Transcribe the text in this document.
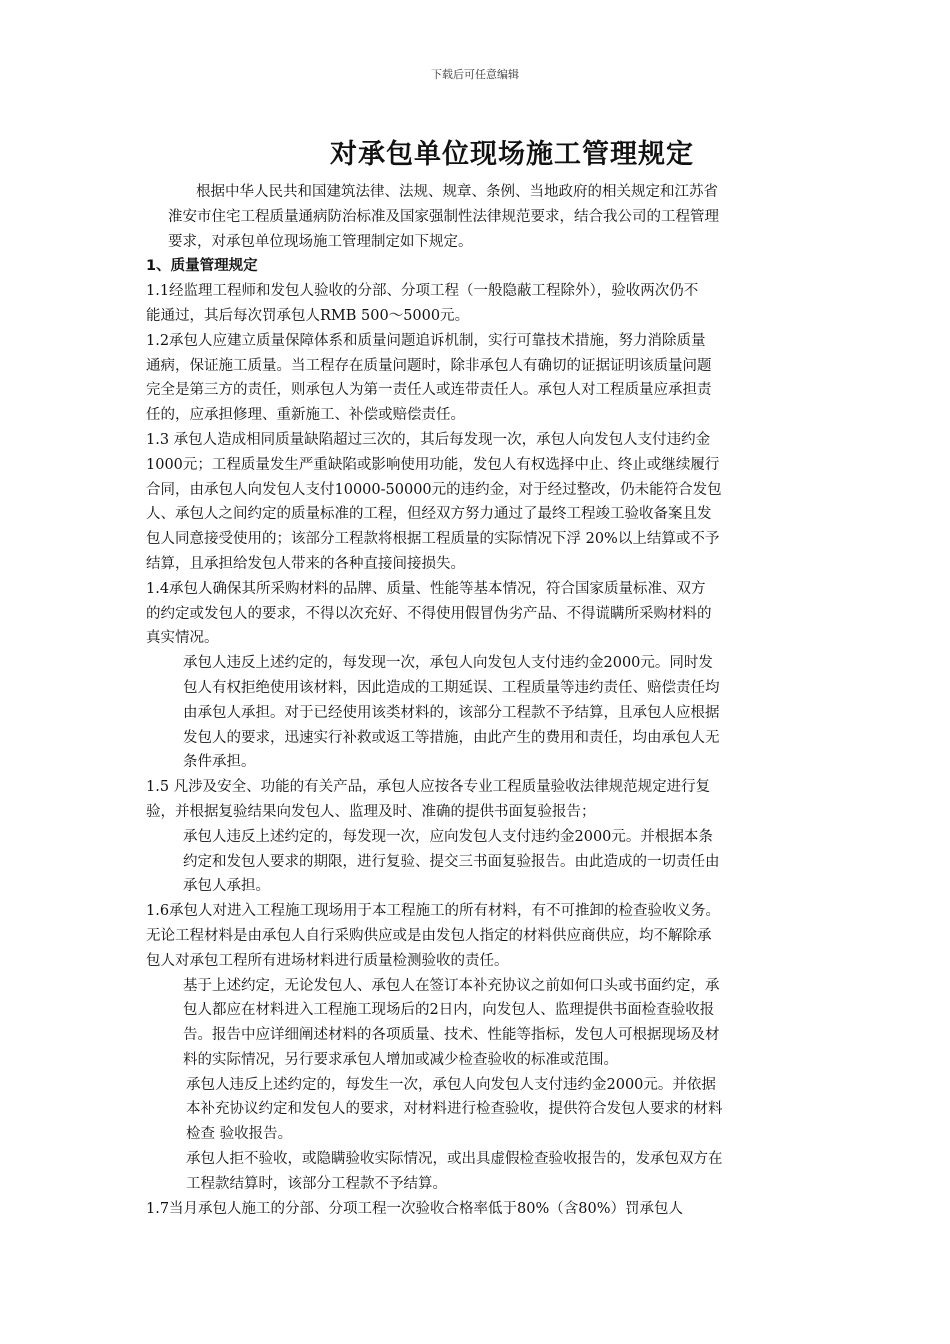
下载后可任意编辑
对承包单位现场施工管理规定
根据中华人民共和国建筑法律、法规、规章、条例、当地政府的相关规定和江苏省
淮安市住宅工程质量通病防治标准及国家强制性法律规范要求，结合我公司的工程管理
要求，对承包单位现场施工管理制定如下规定。
1、质量管理规定
1.1经监理工程师和发包人验收的分部、分项工程（一般隐蔽工程除外），验收两次仍不
能通过，其后每次罚承包人RMB 500～5000元。
1.2承包人应建立质量保障体系和质量问题追诉机制，实行可靠技术措施，努力消除质量
通病，保证施工质量。当工程存在质量问题时，除非承包人有确切的证据证明该质量问题
完全是第三方的责任，则承包人为第一责任人或连带责任人。承包人对工程质量应承担责
任的，应承担修理、重新施工、补偿或赔偿责任。
1.3 承包人造成相同质量缺陷超过三次的，其后每发现一次，承包人向发包人支付违约金
1000元；工程质量发生严重缺陷或影响使用功能，发包人有权选择中止、终止或继续履行
合同，由承包人向发包人支付10000-50000元的违约金，对于经过整改，仍未能符合发包
人、承包人之间约定的质量标准的工程，但经双方努力通过了最终工程竣工验收备案且发
包人同意接受使用的；该部分工程款将根据工程质量的实际情况下浮 20%以上结算或不予
结算，且承担给发包人带来的各种直接间接损失。
1.4承包人确保其所采购材料的品牌、质量、性能等基本情况，符合国家质量标准、双方
的约定或发包人的要求，不得以次充好、不得使用假冒伪劣产品、不得谎瞒所采购材料的
真实情况。
承包人违反上述约定的，每发现一次，承包人向发包人支付违约金2000元。同时发
包人有权拒绝使用该材料，因此造成的工期延误、工程质量等违约责任、赔偿责任均
由承包人承担。对于已经使用该类材料的，该部分工程款不予结算，且承包人应根据
发包人的要求，迅速实行补救或返工等措施，由此产生的费用和责任，均由承包人无
条件承担。
1.5 凡涉及安全、功能的有关产品，承包人应按各专业工程质量验收法律规范规定进行复
验，并根据复验结果向发包人、监理及时、准确的提供书面复验报告；
承包人违反上述约定的，每发现一次，应向发包人支付违约金2000元。并根据本条
约定和发包人要求的期限，进行复验、提交三书面复验报告。由此造成的一切责任由
承包人承担。
1.6承包人对进入工程施工现场用于本工程施工的所有材料，有不可推卸的检查验收义务。
无论工程材料是由承包人自行采购供应或是由发包人指定的材料供应商供应，均不解除承
包人对承包工程所有进场材料进行质量检测验收的责任。
基于上述约定，无论发包人、承包人在签订本补充协议之前如何口头或书面约定，承
包人都应在材料进入工程施工现场后的2日内，向发包人、监理提供书面检查验收报
告。报告中应详细阐述材料的各项质量、技术、性能等指标，发包人可根据现场及材
料的实际情况，另行要求承包人增加或减少检查验收的标准或范围。
承包人违反上述约定的，每发生一次，承包人向发包人支付违约金2000元。并依据
本补充协议约定和发包人的要求，对材料进行检查验收，提供符合发包人要求的材料
检查 验收报告。
承包人拒不验收，或隐瞒验收实际情况，或出具虚假检查验收报告的，发承包双方在
工程款结算时，该部分工程款不予结算。
1.7当月承包人施工的分部、分项工程一次验收合格率低于80%（含80%）罚承包人
